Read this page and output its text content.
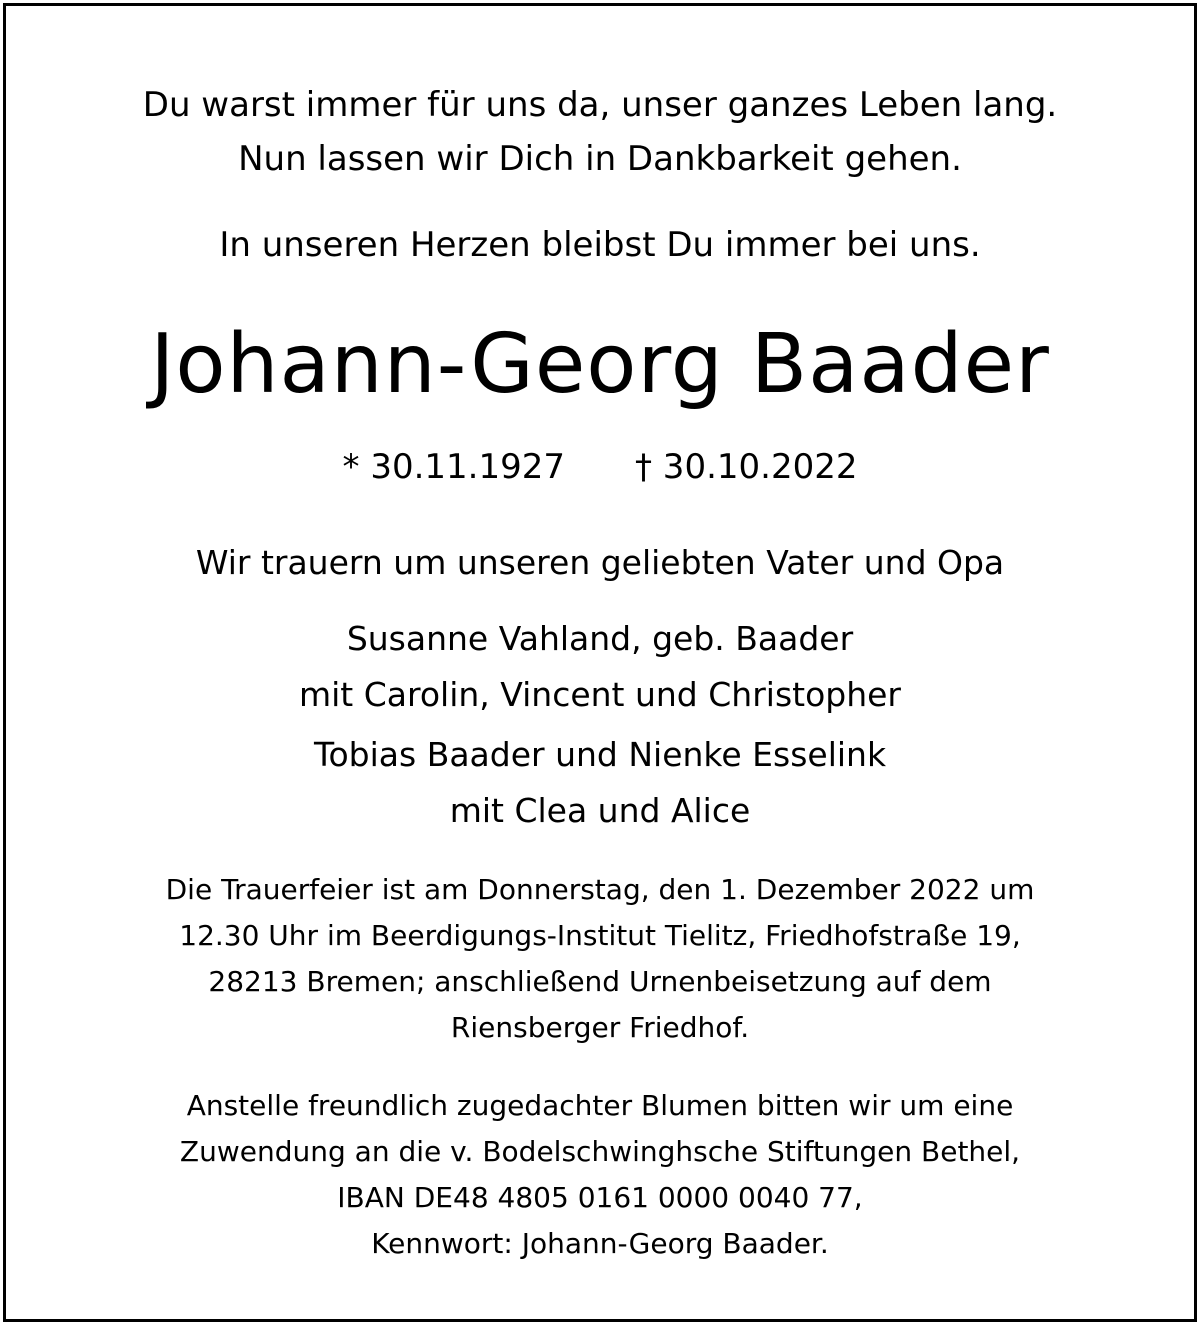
Du warst immer für uns da, unser ganzes Leben lang.
Nun lassen wir Dich in Dankbarkeit gehen.
In unseren Herzen bleibst Du immer bei uns.
Johann-Georg Baader
* 30.11.1927 † 30.10.2022
Wir trauern um unseren geliebten Vater und Opa
Susanne Vahland, geb. Baader
mit Carolin, Vincent und Christopher
Tobias Baader und Nienke Esselink
mit Clea und Alice
Die Trauerfeier ist am Donnerstag, den 1. Dezember 2022 um
12.30 Uhr im Beerdigungs-Institut Tielitz, Friedhofstraße 19,
28213 Bremen; anschließend Urnenbeisetzung auf dem
Riensberger Friedhof.
Anstelle freundlich zugedachter Blumen bitten wir um eine
Zuwendung an die v. Bodelschwinghsche Stiftungen Bethel,
IBAN DE48 4805 0161 0000 0040 77,
Kennwort: Johann-Georg Baader.
